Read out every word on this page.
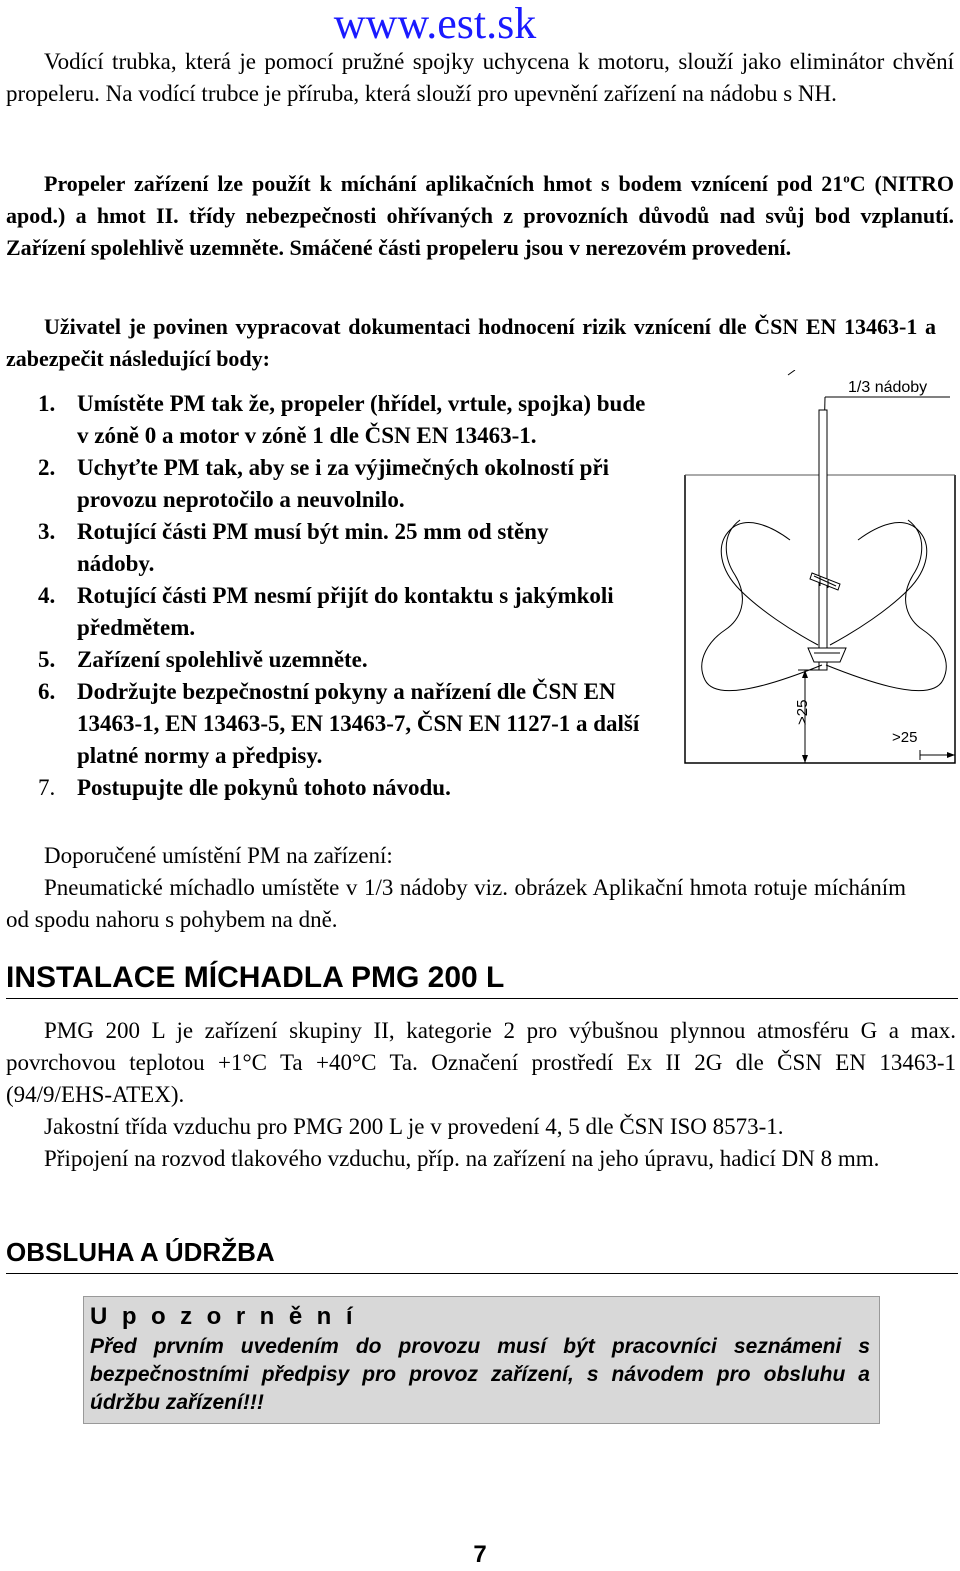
www.est.sk

Vodící trubka, která je pomocí pružné spojky uchycena k motoru, slouží jako eliminátor chvění propeleru. Na vodící trubce je příruba, která slouží pro upevnění zařízení na nádobu s NH.

Propeler zařízení lze použít k míchání aplikačních hmot s bodem vznícení pod 21$^o$C (NITRO apod.) a hmot II. třídy nebezpečnosti ohřívaných z provozních důvodů nad svůj bod vzplanutí. Zařízení spolehlivě uzemněte. Smáčené části propeleru jsou v nerezovém provedení.

Uživatel je povinen vypracovat dokumentaci hodnocení rizik vznícení dle ČSN EN 13463-1 a zabezpečit následující body:

1. Umístěte PM tak že, propeler (hřídel, vrtule, spojka) bude v zóně 0 a motor v zóně 1 dle ČSN EN 13463-1.
2. Uchyťte PM tak, aby se i za výjimečných okolností při provozu neprotočilo a neuvolnilo.
3. Rotující části PM musí být min. 25 mm od stěny nádoby.
4. Rotující části PM nesmí přijít do kontaktu s jakýmkoli předmětem.
5. Zařízení spolehlivě uzemněte.
6. Dodržujte bezpečnostní pokyny a nařízení dle ČSN EN 13463-1, EN 13463-5, EN 13463-7, ČSN EN 1127-1 a další platné normy a předpisy.
7. Postupujte dle pokynů tohoto návodu.
1/3 nádoby
>25
>25

Doporučené umístění PM na zařízení:

Pneumatické míchadlo umístěte v 1/3 nádoby viz. obrázek Aplikační hmota rotuje mícháním od spodu nahoru s pohybem na dně.

INSTALACE MÍCHADLA PMG 200 L

PMG 200 L je zařízení skupiny II, kategorie 2 pro výbušnou plynnou atmosféru G a max. povrchovou teplotou +1°C Ta +40°C Ta. Označení prostředí Ex II 2G dle ČSN EN 13463-1 (94/9/EHS-ATEX).

Jakostní třída vzduchu pro PMG 200 L je v provedení 4, 5 dle ČSN ISO 8573-1.

Připojení na rozvod tlakového vzduchu, příp. na zařízení na jeho úpravu, hadicí DN 8 mm.

OBSLUHA A ÚDRŽBA
Upozornění
Před prvním uvedením do provozu musí být pracovníci seznámeni s bezpečnostními předpisy pro provoz zařízení, s návodem pro obsluhu a údržbu zařízení!!!
7
